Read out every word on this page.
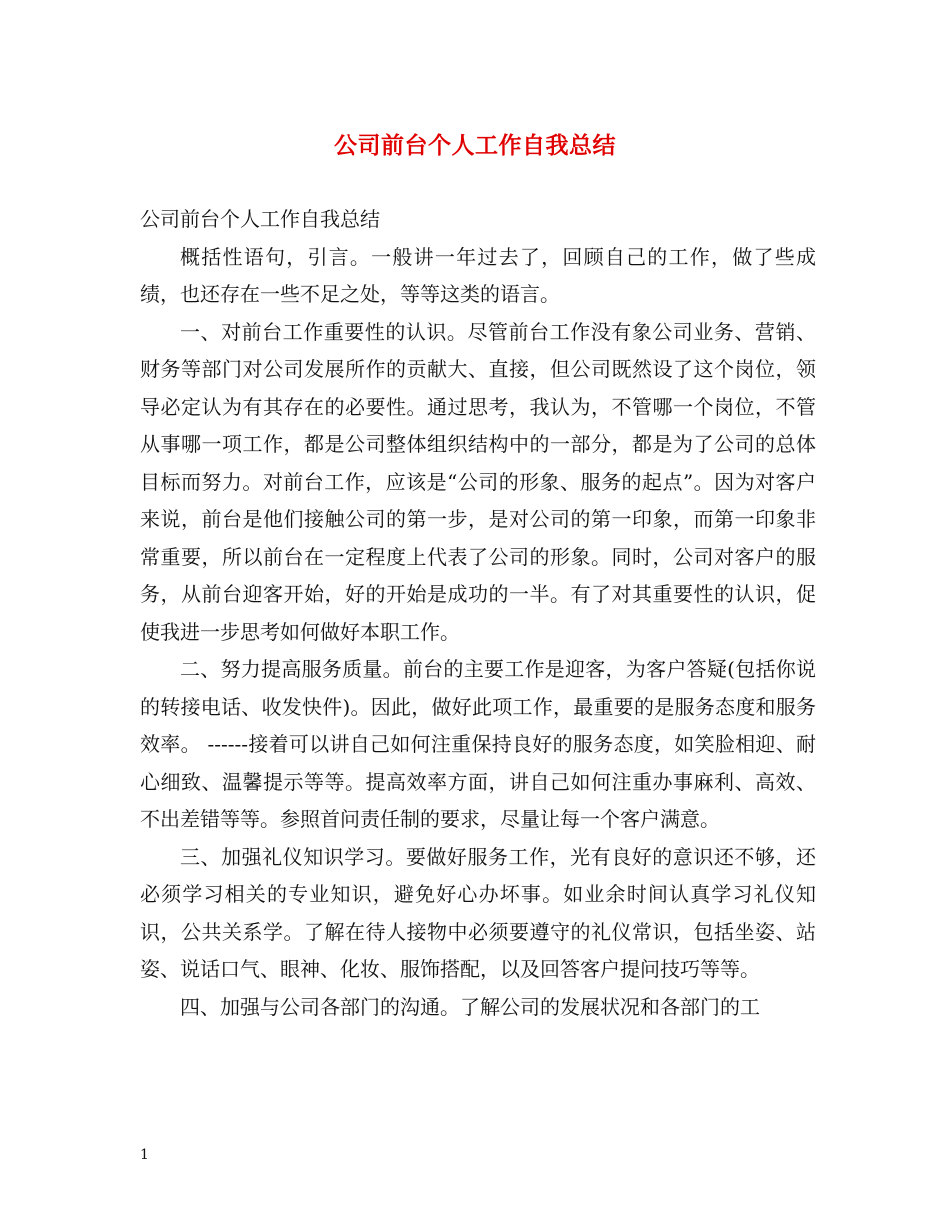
公司前台个人工作自我总结

公司前台个人工作自我总结

概括性语句，引言。一般讲一年过去了，回顾自己的工作，做了些成绩，也还存在一些不足之处，等等这类的语言。

一、对前台工作重要性的认识。尽管前台工作没有象公司业务、营销、财务等部门对公司发展所作的贡献大、直接，但公司既然设了这个岗位，领导必定认为有其存在的必要性。通过思考，我认为，不管哪一个岗位，不管从事哪一项工作，都是公司整体组织结构中的一部分，都是为了公司的总体目标而努力。对前台工作，应该是“公司的形象、服务的起点”。因为对客户来说，前台是他们接触公司的第一步，是对公司的第一印象，而第一印象非常重要，所以前台在一定程度上代表了公司的形象。同时，公司对客户的服务，从前台迎客开始，好的开始是成功的一半。有了对其重要性的认识，促使我进一步思考如何做好本职工作。

二、努力提高服务质量。前台的主要工作是迎客，为客户答疑(包括你说的转接电话、收发快件)。因此，做好此项工作，最重要的是服务态度和服务效率。 ------接着可以讲自己如何注重保持良好的服务态度，如笑脸相迎、耐心细致、温馨提示等等。提高效率方面，讲自己如何注重办事麻利、高效、不出差错等等。参照首问责任制的要求，尽量让每一个客户满意。

三、加强礼仪知识学习。要做好服务工作，光有良好的意识还不够，还必须学习相关的专业知识，避免好心办坏事。如业余时间认真学习礼仪知识，公共关系学。了解在待人接物中必须要遵守的礼仪常识，包括坐姿、站姿、说话口气、眼神、化妆、服饰搭配，以及回答客户提问技巧等等。

四、加强与公司各部门的沟通。了解公司的发展状况和各部门的工

1
